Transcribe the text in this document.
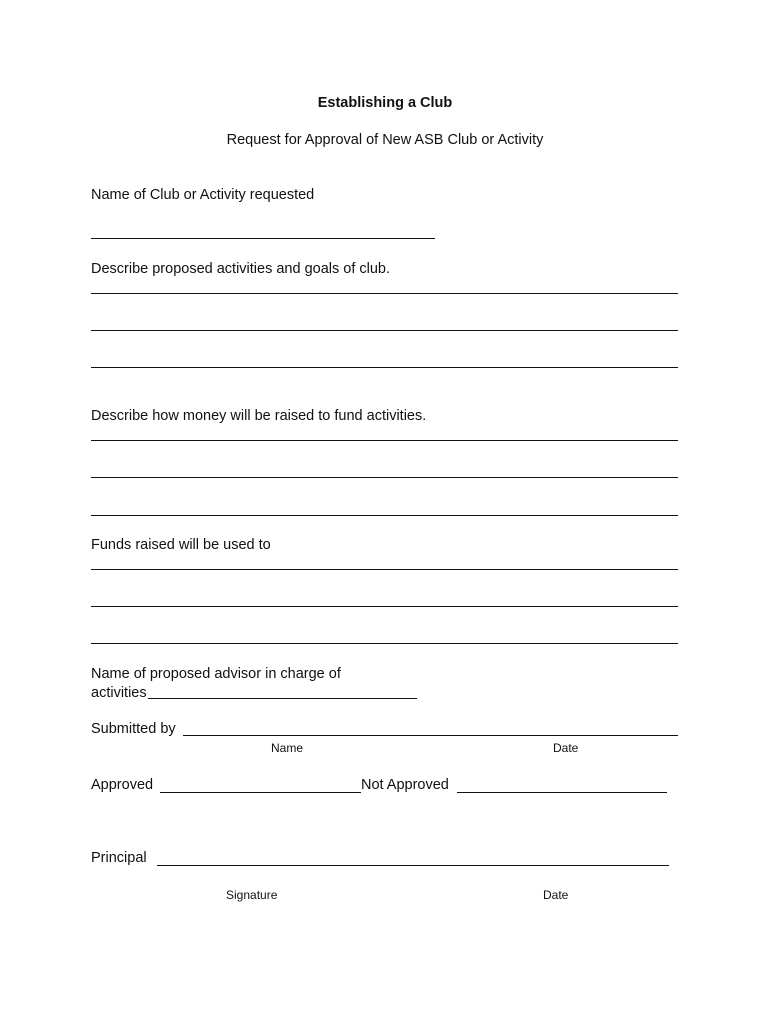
Establishing a Club
Request for Approval of New ASB Club or Activity
Name of Club or Activity requested
Describe proposed activities and goals of club.
Describe how money will be raised to fund activities.
Funds raised will be used to
Name of proposed advisor in charge of
activities
Submitted by
Name	Date
Approved	Not Approved
Principal
Signature	Date
